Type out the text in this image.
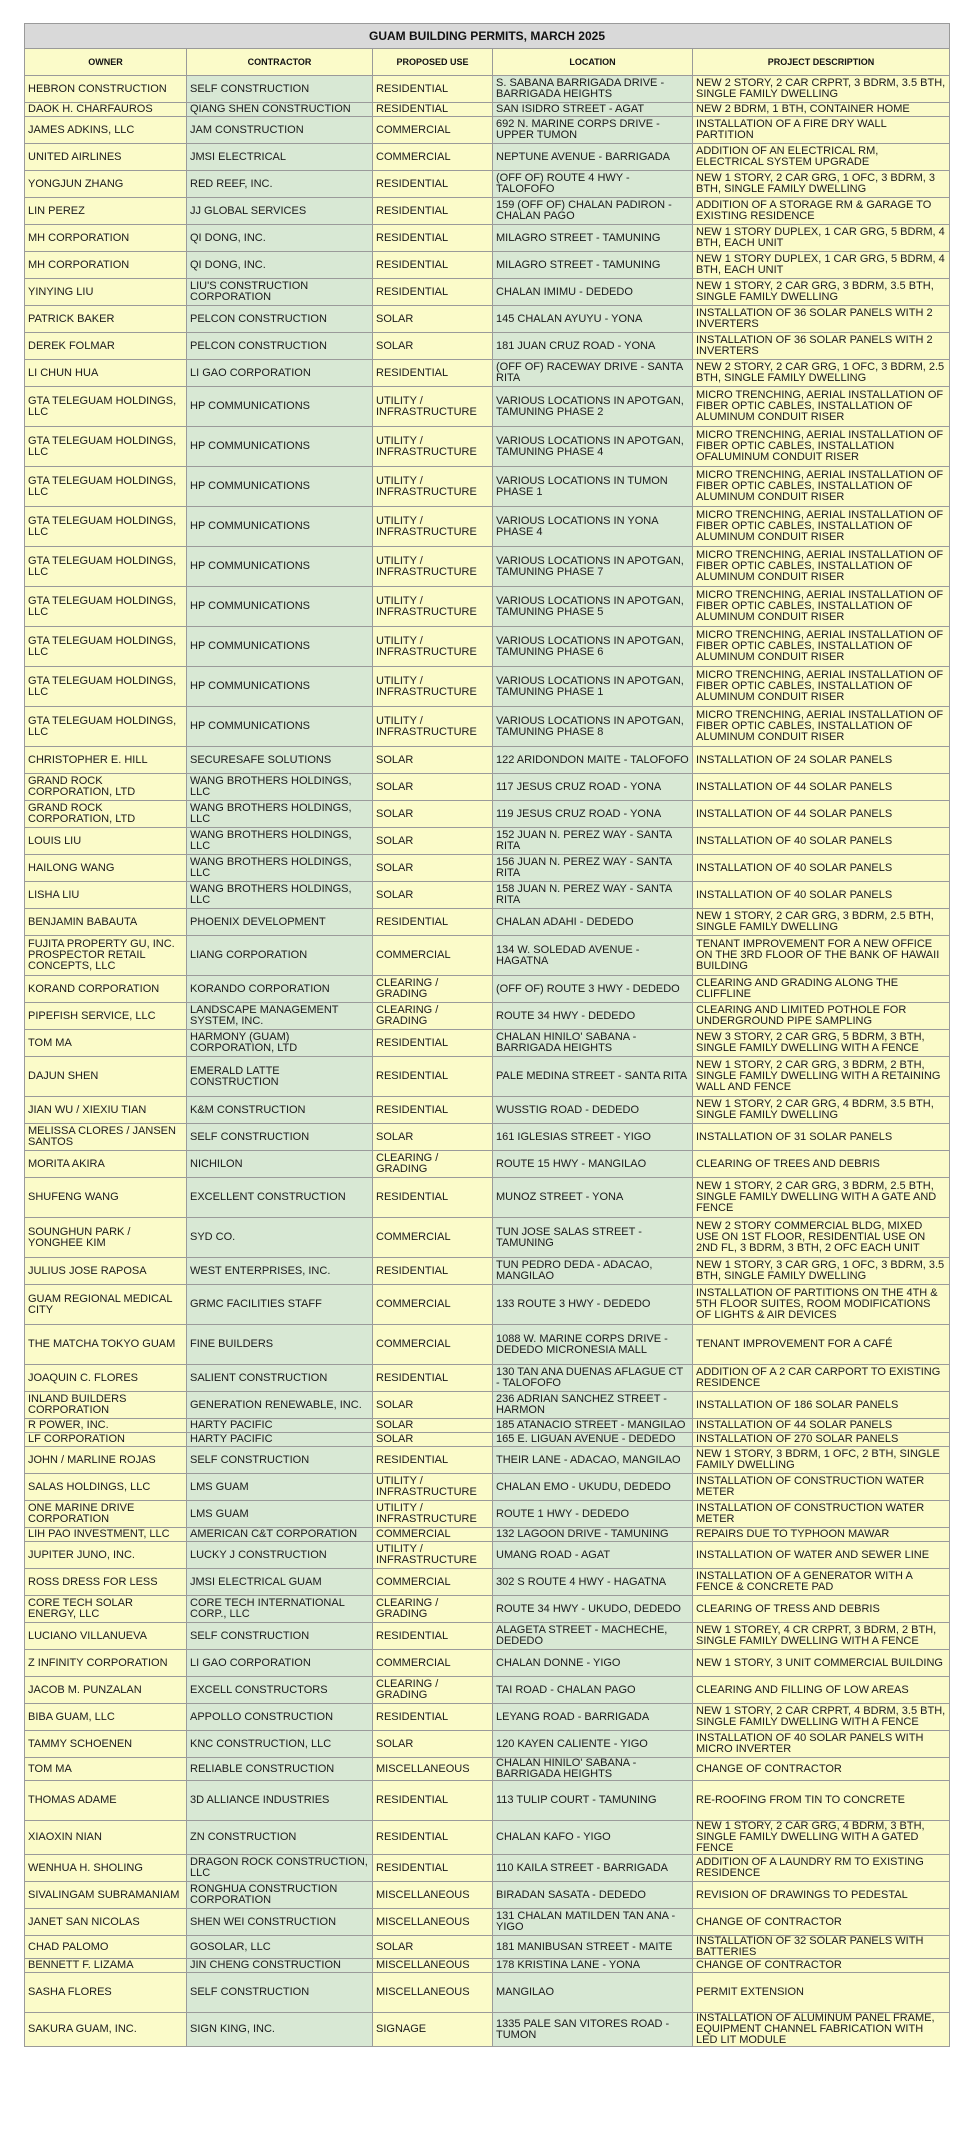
GUAM BUILDING PERMITS, MARCH 2025
OWNER	CONTRACTOR	PROPOSED USE	LOCATION	PROJECT DESCRIPTION
HEBRON CONSTRUCTION	SELF CONSTRUCTION	RESIDENTIAL	S. SABANA BARRIGADA DRIVE - BARRIGADA HEIGHTS	NEW 2 STORY, 2 CAR CRPRT, 3 BDRM, 3.5 BTH, SINGLE FAMILY DWELLING
DAOK H. CHARFAUROS	QIANG SHEN CONSTRUCTION	RESIDENTIAL	SAN ISIDRO STREET - AGAT	NEW 2 BDRM, 1 BTH, CONTAINER HOME
JAMES ADKINS, LLC	JAM CONSTRUCTION	COMMERCIAL	692 N. MARINE CORPS DRIVE - UPPER TUMON	INSTALLATION OF A FIRE DRY WALL PARTITION
UNITED AIRLINES	JMSI ELECTRICAL	COMMERCIAL	NEPTUNE AVENUE - BARRIGADA	ADDITION OF AN ELECTRICAL RM, ELECTRICAL SYSTEM UPGRADE
YONGJUN ZHANG	RED REEF, INC.	RESIDENTIAL	(OFF OF) ROUTE 4 HWY - TALOFOFO	NEW 1 STORY, 2 CAR GRG, 1 OFC, 3 BDRM, 3 BTH, SINGLE FAMILY DWELLING
LIN PEREZ	JJ GLOBAL SERVICES	RESIDENTIAL	159 (OFF OF) CHALAN PADIRON - CHALAN PAGO	ADDITION OF A STORAGE RM & GARAGE TO EXISTING RESIDENCE
MH CORPORATION	QI DONG, INC.	RESIDENTIAL	MILAGRO STREET - TAMUNING	NEW 1 STORY DUPLEX, 1 CAR GRG, 5 BDRM, 4 BTH, EACH UNIT
MH CORPORATION	QI DONG, INC.	RESIDENTIAL	MILAGRO STREET - TAMUNING	NEW 1 STORY DUPLEX, 1 CAR GRG, 5 BDRM, 4 BTH, EACH UNIT
YINYING LIU	LIU'S CONSTRUCTION CORPORATION	RESIDENTIAL	CHALAN IMIMU - DEDEDO	NEW 1 STORY, 2 CAR GRG, 3 BDRM, 3.5 BTH, SINGLE FAMILY DWELLING
PATRICK BAKER	PELCON CONSTRUCTION	SOLAR	145 CHALAN AYUYU - YONA	INSTALLATION OF 36 SOLAR PANELS WITH 2 INVERTERS
DEREK FOLMAR	PELCON CONSTRUCTION	SOLAR	181 JUAN CRUZ ROAD - YONA	INSTALLATION OF 36 SOLAR PANELS WITH 2 INVERTERS
LI CHUN HUA	LI GAO CORPORATION	RESIDENTIAL	(OFF OF) RACEWAY DRIVE - SANTA RITA	NEW 2 STORY, 2 CAR GRG, 1 OFC, 3 BDRM, 2.5 BTH, SINGLE FAMILY DWELLING
GTA TELEGUAM HOLDINGS, LLC	HP COMMUNICATIONS	UTILITY / INFRASTRUCTURE	VARIOUS LOCATIONS IN APOTGAN, TAMUNING PHASE 2	MICRO TRENCHING, AERIAL INSTALLATION OF FIBER OPTIC CABLES, INSTALLATION OF ALUMINUM CONDUIT RISER
GTA TELEGUAM HOLDINGS, LLC	HP COMMUNICATIONS	UTILITY / INFRASTRUCTURE	VARIOUS LOCATIONS IN APOTGAN, TAMUNING PHASE 4	MICRO TRENCHING, AERIAL INSTALLATION OF FIBER OPTIC CABLES, INSTALLATION OFALUMINUM CONDUIT RISER
GTA TELEGUAM HOLDINGS, LLC	HP COMMUNICATIONS	UTILITY / INFRASTRUCTURE	VARIOUS LOCATIONS IN TUMON PHASE 1	MICRO TRENCHING, AERIAL INSTALLATION OF FIBER OPTIC CABLES, INSTALLATION OF ALUMINUM CONDUIT RISER
GTA TELEGUAM HOLDINGS, LLC	HP COMMUNICATIONS	UTILITY / INFRASTRUCTURE	VARIOUS LOCATIONS IN YONA PHASE 4	MICRO TRENCHING, AERIAL INSTALLATION OF FIBER OPTIC CABLES, INSTALLATION OF ALUMINUM CONDUIT RISER
GTA TELEGUAM HOLDINGS, LLC	HP COMMUNICATIONS	UTILITY / INFRASTRUCTURE	VARIOUS LOCATIONS IN APOTGAN, TAMUNING PHASE 7	MICRO TRENCHING, AERIAL INSTALLATION OF FIBER OPTIC CABLES, INSTALLATION OF ALUMINUM CONDUIT RISER
GTA TELEGUAM HOLDINGS, LLC	HP COMMUNICATIONS	UTILITY / INFRASTRUCTURE	VARIOUS LOCATIONS IN APOTGAN, TAMUNING PHASE 5	MICRO TRENCHING, AERIAL INSTALLATION OF FIBER OPTIC CABLES, INSTALLATION OF ALUMINUM CONDUIT RISER
GTA TELEGUAM HOLDINGS, LLC	HP COMMUNICATIONS	UTILITY / INFRASTRUCTURE	VARIOUS LOCATIONS IN APOTGAN, TAMUNING PHASE 6	MICRO TRENCHING, AERIAL INSTALLATION OF FIBER OPTIC CABLES, INSTALLATION OF ALUMINUM CONDUIT RISER
GTA TELEGUAM HOLDINGS, LLC	HP COMMUNICATIONS	UTILITY / INFRASTRUCTURE	VARIOUS LOCATIONS IN APOTGAN, TAMUNING PHASE 1	MICRO TRENCHING, AERIAL INSTALLATION OF FIBER OPTIC CABLES, INSTALLATION OF ALUMINUM CONDUIT RISER
GTA TELEGUAM HOLDINGS, LLC	HP COMMUNICATIONS	UTILITY / INFRASTRUCTURE	VARIOUS LOCATIONS IN APOTGAN, TAMUNING PHASE 8	MICRO TRENCHING, AERIAL INSTALLATION OF FIBER OPTIC CABLES, INSTALLATION OF ALUMINUM CONDUIT RISER
CHRISTOPHER E. HILL	SECURESAFE SOLUTIONS	SOLAR	122 ARIDONDON MAITE - TALOFOFO	INSTALLATION OF 24 SOLAR PANELS
GRAND ROCK CORPORATION, LTD	WANG BROTHERS HOLDINGS, LLC	SOLAR	117 JESUS CRUZ ROAD - YONA	INSTALLATION OF 44 SOLAR PANELS
GRAND ROCK CORPORATION, LTD	WANG BROTHERS HOLDINGS, LLC	SOLAR	119 JESUS CRUZ ROAD - YONA	INSTALLATION OF 44 SOLAR PANELS
LOUIS LIU	WANG BROTHERS HOLDINGS, LLC	SOLAR	152 JUAN N. PEREZ WAY - SANTA RITA	INSTALLATION OF 40 SOLAR PANELS
HAILONG WANG	WANG BROTHERS HOLDINGS, LLC	SOLAR	156 JUAN N. PEREZ WAY - SANTA RITA	INSTALLATION OF 40 SOLAR PANELS
LISHA LIU	WANG BROTHERS HOLDINGS, LLC	SOLAR	158 JUAN N. PEREZ WAY - SANTA RITA	INSTALLATION OF 40 SOLAR PANELS
BENJAMIN BABAUTA	PHOENIX DEVELOPMENT	RESIDENTIAL	CHALAN ADAHI - DEDEDO	NEW 1 STORY, 2 CAR GRG, 3 BDRM, 2.5 BTH, SINGLE FAMILY DWELLING
FUJITA PROPERTY GU, INC. PROSPECTOR RETAIL CONCEPTS, LLC	LIANG CORPORATION	COMMERCIAL	134 W. SOLEDAD AVENUE - HAGATNA	TENANT IMPROVEMENT FOR A NEW OFFICE ON THE 3RD FLOOR OF THE BANK OF HAWAII BUILDING
KORAND CORPORATION	KORANDO CORPORATION	CLEARING / GRADING	(OFF OF) ROUTE 3 HWY - DEDEDO	CLEARING AND GRADING ALONG THE CLIFFLINE
PIPEFISH SERVICE, LLC	LANDSCAPE MANAGEMENT SYSTEM, INC.	CLEARING / GRADING	ROUTE 34 HWY - DEDEDO	CLEARING AND LIMITED POTHOLE FOR UNDERGROUND PIPE SAMPLING
TOM MA	HARMONY (GUAM) CORPORATION, LTD	RESIDENTIAL	CHALAN HINILO' SABANA - BARRIGADA HEIGHTS	NEW 3 STORY, 2 CAR GRG, 5 BDRM, 3 BTH, SINGLE FAMILY DWELLING WITH A FENCE
DAJUN SHEN	EMERALD LATTE CONSTRUCTION	RESIDENTIAL	PALE MEDINA STREET - SANTA RITA	NEW 1 STORY, 2 CAR GRG, 3 BDRM, 2 BTH, SINGLE FAMILY DWELLING WITH A RETAINING WALL AND FENCE
JIAN WU / XIEXIU TIAN	K&M CONSTRUCTION	RESIDENTIAL	WUSSTIG ROAD - DEDEDO	NEW 1 STORY, 2 CAR GRG, 4 BDRM, 3.5 BTH, SINGLE FAMILY DWELLING
MELISSA CLORES / JANSEN SANTOS	SELF CONSTRUCTION	SOLAR	161 IGLESIAS STREET - YIGO	INSTALLATION OF 31 SOLAR PANELS
MORITA AKIRA	NICHILON	CLEARING / GRADING	ROUTE 15 HWY - MANGILAO	CLEARING OF TREES AND DEBRIS
SHUFENG WANG	EXCELLENT CONSTRUCTION	RESIDENTIAL	MUNOZ STREET - YONA	NEW 1 STORY, 2 CAR GRG, 3 BDRM, 2.5 BTH, SINGLE FAMILY DWELLING WITH A GATE AND FENCE
SOUNGHUN PARK / YONGHEE KIM	SYD CO.	COMMERCIAL	TUN JOSE SALAS STREET - TAMUNING	NEW 2 STORY COMMERCIAL BLDG, MIXED USE ON 1ST FLOOR, RESIDENTIAL USE ON 2ND FL, 3 BDRM, 3 BTH, 2 OFC EACH UNIT
JULIUS JOSE RAPOSA	WEST ENTERPRISES, INC.	RESIDENTIAL	TUN PEDRO DEDA - ADACAO, MANGILAO	NEW 1 STORY, 3 CAR GRG, 1 OFC, 3 BDRM, 3.5 BTH, SINGLE FAMILY DWELLING
GUAM REGIONAL MEDICAL CITY	GRMC FACILITIES STAFF	COMMERCIAL	133 ROUTE 3 HWY - DEDEDO	INSTALLATION OF PARTITIONS ON THE 4TH & 5TH FLOOR SUITES, ROOM MODIFICATIONS OF LIGHTS & AIR DEVICES
THE MATCHA TOKYO GUAM	FINE BUILDERS	COMMERCIAL	1088 W. MARINE CORPS DRIVE - DEDEDO MICRONESIA MALL	TENANT IMPROVEMENT FOR A CAFÉ
JOAQUIN C. FLORES	SALIENT CONSTRUCTION	RESIDENTIAL	130 TAN ANA DUENAS AFLAGUE CT - TALOFOFO	ADDITION OF A 2 CAR CARPORT TO EXISTING RESIDENCE
INLAND BUILDERS CORPORATION	GENERATION RENEWABLE, INC.	SOLAR	236 ADRIAN SANCHEZ STREET - HARMON	INSTALLATION OF 186 SOLAR PANELS
R POWER, INC.	HARTY PACIFIC	SOLAR	185 ATANACIO STREET - MANGILAO	INSTALLATION OF 44 SOLAR PANELS
LF CORPORATION	HARTY PACIFIC	SOLAR	165 E. LIGUAN AVENUE - DEDEDO	INSTALLATION OF 270 SOLAR PANELS
JOHN / MARLINE ROJAS	SELF CONSTRUCTION	RESIDENTIAL	THEIR LANE - ADACAO, MANGILAO	NEW 1 STORY, 3 BDRM, 1 OFC, 2 BTH, SINGLE FAMILY DWELLING
SALAS HOLDINGS, LLC	LMS GUAM	UTILITY / INFRASTRUCTURE	CHALAN EMO - UKUDU, DEDEDO	INSTALLATION OF CONSTRUCTION WATER METER
ONE MARINE DRIVE CORPORATION	LMS GUAM	UTILITY / INFRASTRUCTURE	ROUTE 1 HWY - DEDEDO	INSTALLATION OF CONSTRUCTION WATER METER
LIH PAO INVESTMENT, LLC	AMERICAN C&T CORPORATION	COMMERCIAL	132 LAGOON DRIVE - TAMUNING	REPAIRS DUE TO TYPHOON MAWAR
JUPITER JUNO, INC.	LUCKY J CONSTRUCTION	UTILITY / INFRASTRUCTURE	UMANG ROAD - AGAT	INSTALLATION OF WATER AND SEWER LINE
ROSS DRESS FOR LESS	JMSI ELECTRICAL GUAM	COMMERCIAL	302 S ROUTE 4 HWY - HAGATNA	INSTALLATION OF A GENERATOR WITH A FENCE & CONCRETE PAD
CORE TECH SOLAR ENERGY, LLC	CORE TECH INTERNATIONAL CORP., LLC	CLEARING / GRADING	ROUTE 34 HWY - UKUDO, DEDEDO	CLEARING OF TRESS AND DEBRIS
LUCIANO VILLANUEVA	SELF CONSTRUCTION	RESIDENTIAL	ALAGETA STREET - MACHECHE, DEDEDO	NEW 1 STOREY, 4 CR CRPRT, 3 BDRM, 2 BTH, SINGLE FAMILY DWELLING WITH A FENCE
Z INFINITY CORPORATION	LI GAO CORPORATION	COMMERCIAL	CHALAN DONNE - YIGO	NEW 1 STORY, 3 UNIT COMMERCIAL BUILDING
JACOB M. PUNZALAN	EXCELL CONSTRUCTORS	CLEARING / GRADING	TAI ROAD - CHALAN PAGO	CLEARING AND FILLING OF LOW AREAS
BIBA GUAM, LLC	APPOLLO CONSTRUCTION	RESIDENTIAL	LEYANG ROAD - BARRIGADA	NEW 1 STORY, 2 CAR CRPRT, 4 BDRM, 3.5 BTH, SINGLE FAMILY DWELLING WITH A FENCE
TAMMY SCHOENEN	KNC CONSTRUCTION, LLC	SOLAR	120 KAYEN CALIENTE - YIGO	INSTALLATION OF 40 SOLAR PANELS WITH MICRO INVERTER
TOM MA	RELIABLE CONSTRUCTION	MISCELLANEOUS	CHALAN HINILO' SABANA - BARRIGADA HEIGHTS	CHANGE OF CONTRACTOR
THOMAS ADAME	3D ALLIANCE INDUSTRIES	RESIDENTIAL	113 TULIP COURT - TAMUNING	RE-ROOFING FROM TIN TO CONCRETE
XIAOXIN NIAN	ZN CONSTRUCTION	RESIDENTIAL	CHALAN KAFO - YIGO	NEW 1 STORY, 2 CAR GRG, 4 BDRM, 3 BTH, SINGLE FAMILY DWELLING WITH A GATED FENCE
WENHUA H. SHOLING	DRAGON ROCK CONSTRUCTION, LLC	RESIDENTIAL	110 KAILA STREET - BARRIGADA	ADDITION OF A LAUNDRY RM TO EXISTING RESIDENCE
SIVALINGAM SUBRAMANIAM	RONGHUA CONSTRUCTION CORPORATION	MISCELLANEOUS	BIRADAN SASATA - DEDEDO	REVISION OF DRAWINGS TO PEDESTAL
JANET SAN NICOLAS	SHEN WEI CONSTRUCTION	MISCELLANEOUS	131 CHALAN MATILDEN TAN ANA - YIGO	CHANGE OF CONTRACTOR
CHAD PALOMO	GOSOLAR, LLC	SOLAR	181 MANIBUSAN STREET - MAITE	INSTALLATION OF 32 SOLAR PANELS WITH BATTERIES
BENNETT F. LIZAMA	JIN CHENG CONSTRUCTION	MISCELLANEOUS	178 KRISTINA LANE - YONA	CHANGE OF CONTRACTOR
SASHA FLORES	SELF CONSTRUCTION	MISCELLANEOUS	MANGILAO	PERMIT EXTENSION
SAKURA GUAM, INC.	SIGN KING, INC.	SIGNAGE	1335 PALE SAN VITORES ROAD - TUMON	INSTALLATION OF ALUMINUM PANEL FRAME, EQUIPMENT CHANNEL FABRICATION WITH LED LIT MODULE
